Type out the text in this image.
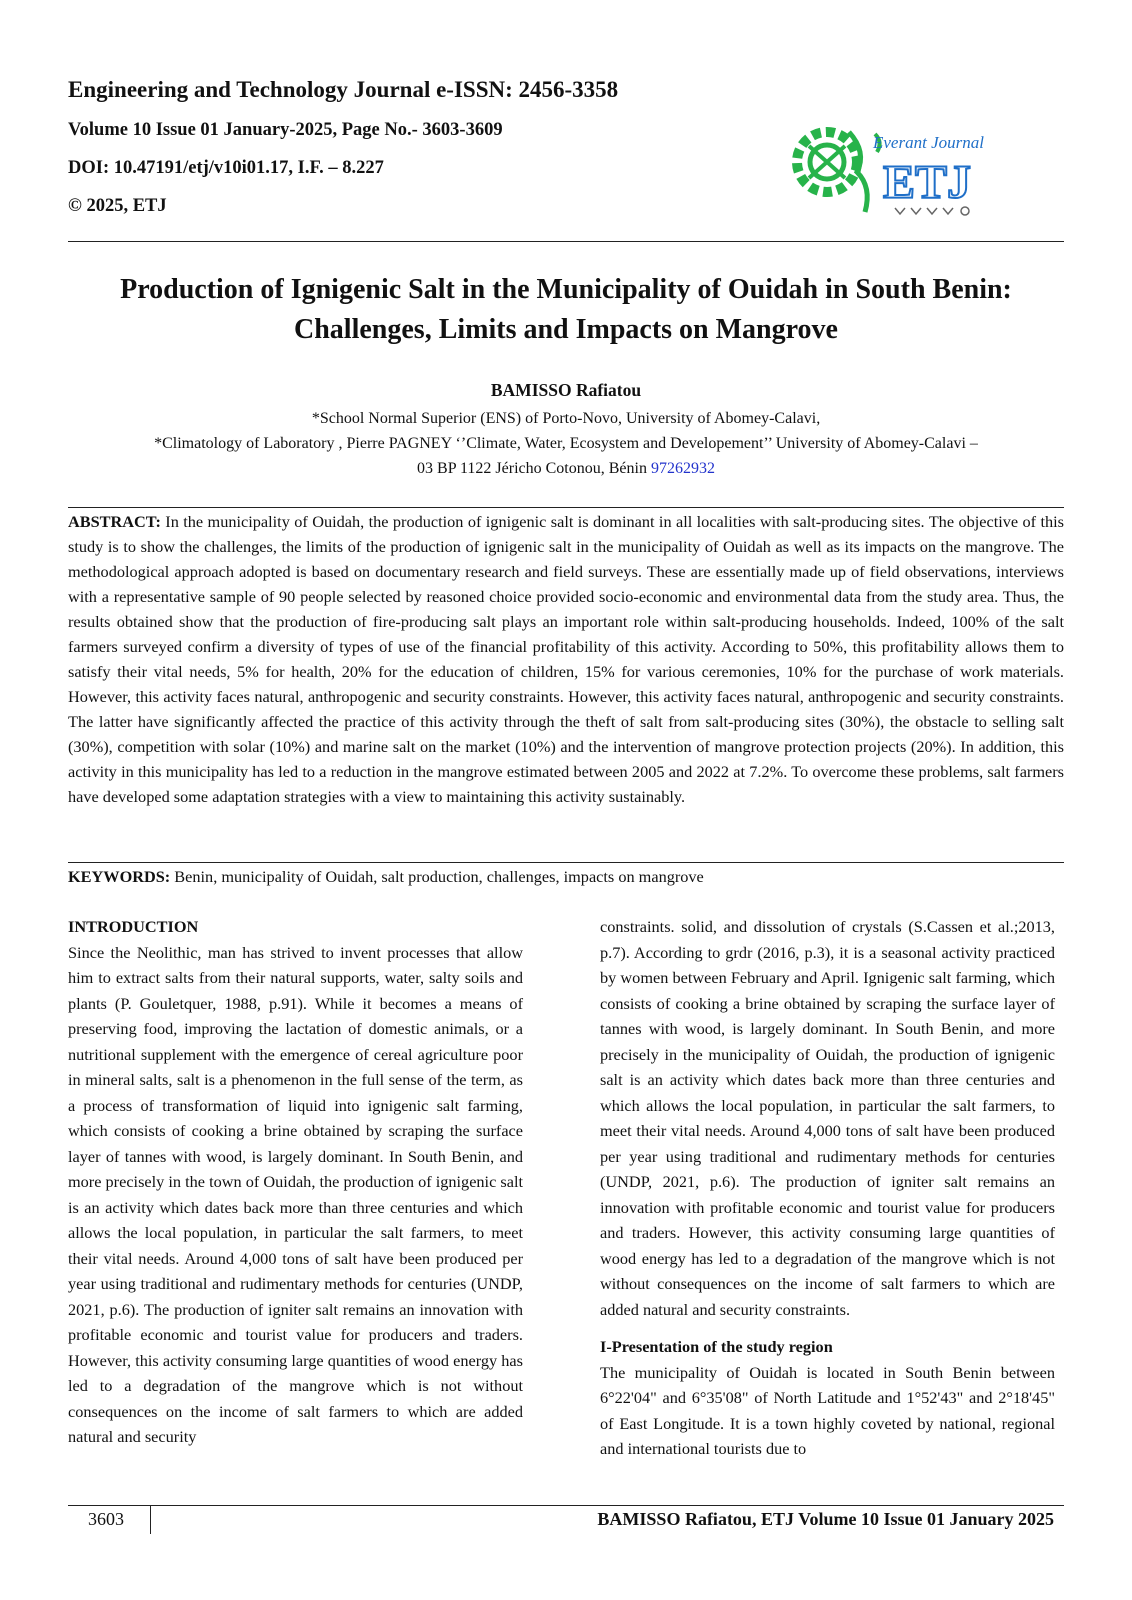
Engineering and Technology Journal e-ISSN: 2456-3358

Volume 10 Issue 01 January-2025, Page No.- 3603-3609

DOI: 10.47191/etj/v10i01.17, I.F. – 8.227

© 2025, ETJ

Everant Journal
ETJ
Production of Ignigenic Salt in the Municipality of Ouidah in South Benin:
Challenges, Limits and Impacts on Mangrove
BAMISSO Rafiatou
*School Normal Superior (ENS) of Porto-Novo, University of Abomey-Calavi,
*Climatology of Laboratory , Pierre PAGNEY ‘’Climate, Water, Ecosystem and Developement’’ University of Abomey-Calavi –
03 BP 1122 Jéricho Cotonou, Bénin 97262932

ABSTRACT: In the municipality of Ouidah, the production of ignigenic salt is dominant in all localities with salt-producing sites. The objective of this study is to show the challenges, the limits of the production of ignigenic salt in the municipality of Ouidah as well as its impacts on the mangrove. The methodological approach adopted is based on documentary research and field surveys. These are essentially made up of field observations, interviews with a representative sample of 90 people selected by reasoned choice provided socio-economic and environmental data from the study area. Thus, the results obtained show that the production of fire-producing salt plays an important role within salt-producing households. Indeed, 100% of the salt farmers surveyed confirm a diversity of types of use of the financial profitability of this activity. According to 50%, this profitability allows them to satisfy their vital needs, 5% for health, 20% for the education of children, 15% for various ceremonies, 10% for the purchase of work materials. However, this activity faces natural, anthropogenic and security constraints. However, this activity faces natural, anthropogenic and security constraints. The latter have significantly affected the practice of this activity through the theft of salt from salt-producing sites (30%), the obstacle to selling salt (30%), competition with solar (10%) and marine salt on the market (10%) and the intervention of mangrove protection projects (20%). In addition, this activity in this municipality has led to a reduction in the mangrove estimated between 2005 and 2022 at 7.2%. To overcome these problems, salt farmers have developed some adaptation strategies with a view to maintaining this activity sustainably.

KEYWORDS: Benin, municipality of Ouidah, salt production, challenges, impacts on mangrove

INTRODUCTION

Since the Neolithic, man has strived to invent processes that allow him to extract salts from their natural supports, water, salty soils and plants (P. Gouletquer, 1988, p.91). While it becomes a means of preserving food, improving the lactation of domestic animals, or a nutritional supplement with the emergence of cereal agriculture poor in mineral salts, salt is a phenomenon in the full sense of the term, as a process of transformation of liquid into ignigenic salt farming, which consists of cooking a brine obtained by scraping the surface layer of tannes with wood, is largely dominant. In South Benin, and more precisely in the town of Ouidah, the production of ignigenic salt is an activity which dates back more than three centuries and which allows the local population, in particular the salt farmers, to meet their vital needs. Around 4,000 tons of salt have been produced per year using traditional and rudimentary methods for centuries (UNDP, 2021, p.6). The production of igniter salt remains an innovation with profitable economic and tourist value for producers and traders. However, this activity consuming large quantities of wood energy has led to a degradation of the mangrove which is not without consequences on the income of salt farmers to which are added natural and security

constraints. solid, and dissolution of crystals (S.Cassen et al.;2013, p.7). According to grdr (2016, p.3), it is a seasonal activity practiced by women between February and April. Ignigenic salt farming, which consists of cooking a brine obtained by scraping the surface layer of tannes with wood, is largely dominant. In South Benin, and more precisely in the municipality of Ouidah, the production of ignigenic salt is an activity which dates back more than three centuries and which allows the local population, in particular the salt farmers, to meet their vital needs. Around 4,000 tons of salt have been produced per year using traditional and rudimentary methods for centuries (UNDP, 2021, p.6). The production of igniter salt remains an innovation with profitable economic and tourist value for producers and traders. However, this activity consuming large quantities of wood energy has led to a degradation of the mangrove which is not without consequences on the income of salt farmers to which are added natural and security constraints.

I-Presentation of the study region

The municipality of Ouidah is located in South Benin between 6°22'04" and 6°35'08" of North Latitude and 1°52'43" and 2°18'45" of East Longitude. It is a town highly coveted by national, regional and international tourists due to

3603	BAMISSO Rafiatou, ETJ Volume 10 Issue 01 January 2025
